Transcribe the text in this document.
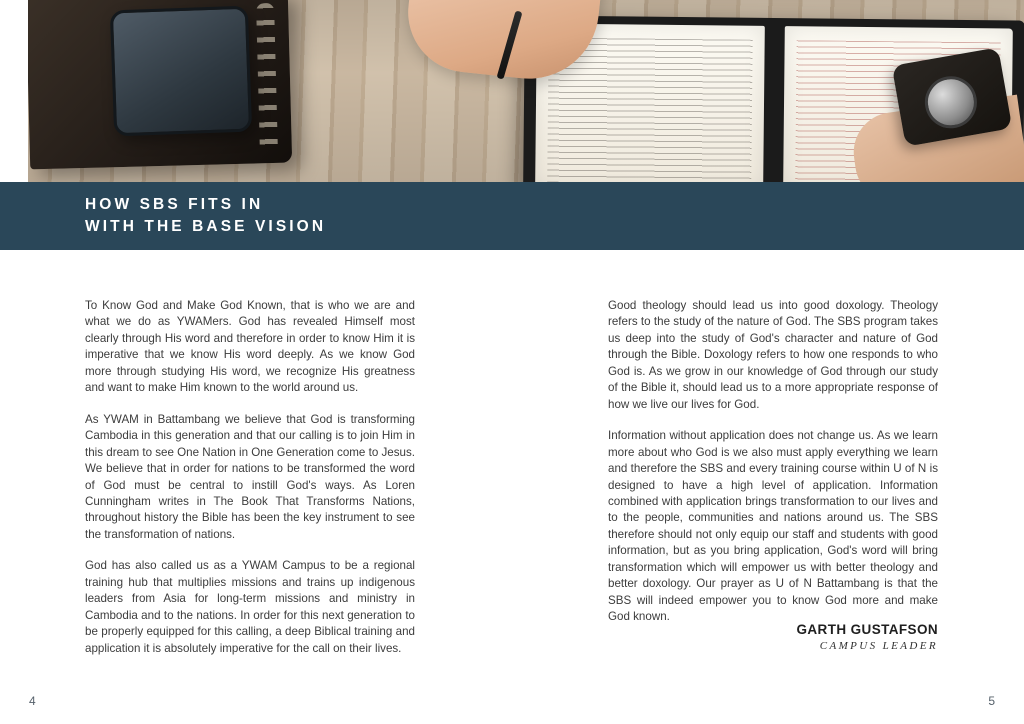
HOW SBS FITS IN
WITH THE BASE VISION

To Know God and Make God Known, that is who we are and what we do as YWAMers. God has revealed Himself most clearly through His word and therefore in order to know Him it is imperative that we know His word deeply. As we know God more through studying His word, we recognize His greatness and want to make Him known to the world around us.

As YWAM in Battambang we believe that God is transforming Cambodia in this generation and that our calling is to join Him in this dream to see One Nation in One Generation come to Jesus. We believe that in order for nations to be transformed the word of God must be central to instill God's ways. As Loren Cunningham writes in The Book That Transforms Nations, throughout history the Bible has been the key instrument to see the transformation of nations.

God has also called us as a YWAM Campus to be a regional training hub that multiplies missions and trains up indigenous leaders from Asia for long-term missions and ministry in Cambodia and to the nations. In order for this next generation to be properly equipped for this calling, a deep Biblical training and application it is absolutely imperative for the call on their lives.

Good theology should lead us into good doxology. Theology refers to the study of the nature of God. The SBS program takes us deep into the study of God's character and nature of God through the Bible. Doxology refers to how one responds to who God is. As we grow in our knowledge of God through our study of the Bible it, should lead us to a more appropriate response of how we live our lives for God.

Information without application does not change us. As we learn more about who God is we also must apply everything we learn and therefore the SBS and every training course within U of N is designed to have a high level of application. Information combined with application brings transformation to our lives and to the people, communities and nations around us. The SBS therefore should not only equip our staff and students with good information, but as you bring application, God's word will bring transformation which will empower us with better theology and better doxology. Our prayer as U of N Battambang is that the SBS will indeed empower you to know God more and make God known.

GARTH GUSTAFSON
CAMPUS LEADER
4	5
